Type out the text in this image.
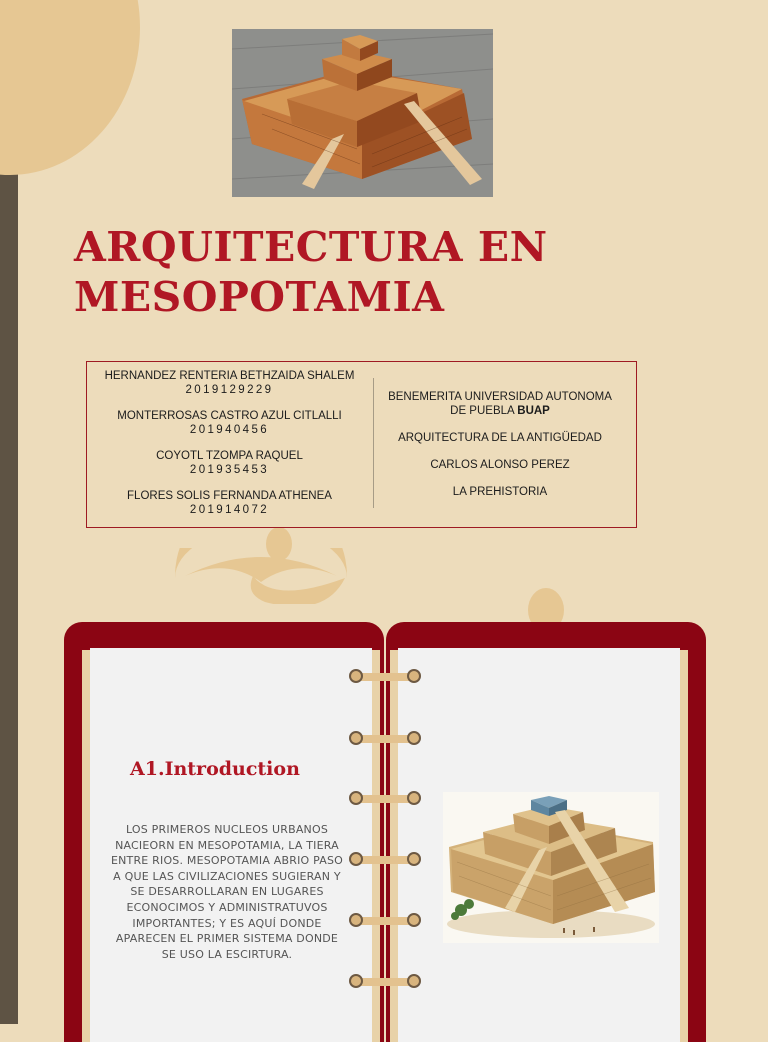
ARQUITECTURA EN
MESOPOTAMIA
HERNANDEZ RENTERIA BETHZAIDA SHALEM
2019129229
MONTERROSAS CASTRO AZUL CITLALLI
201940456
COYOTL TZOMPA RAQUEL
201935453
FLORES SOLIS FERNANDA ATHENEA
201914072
BENEMERITA UNIVERSIDAD AUTONOMA
DE PUEBLA BUAP
ARQUITECTURA DE LA ANTIGÜEDAD
CARLOS ALONSO PEREZ
LA PREHISTORIA
A1.Introduction

LOS PRIMEROS NUCLEOS URBANOS NACIEORN EN MESOPOTAMIA, LA TIERA ENTRE RIOS. MESOPOTAMIA ABRIO PASO A QUE LAS CIVILIZACIONES SUGIERAN Y SE DESARROLLARAN EN LUGARES ECONOCIMOS Y ADMINISTRATUVOS IMPORTANTES; Y ES AQUÍ DONDE APARECEN EL PRIMER SISTEMA DONDE SE USO LA ESCIRTURA.
